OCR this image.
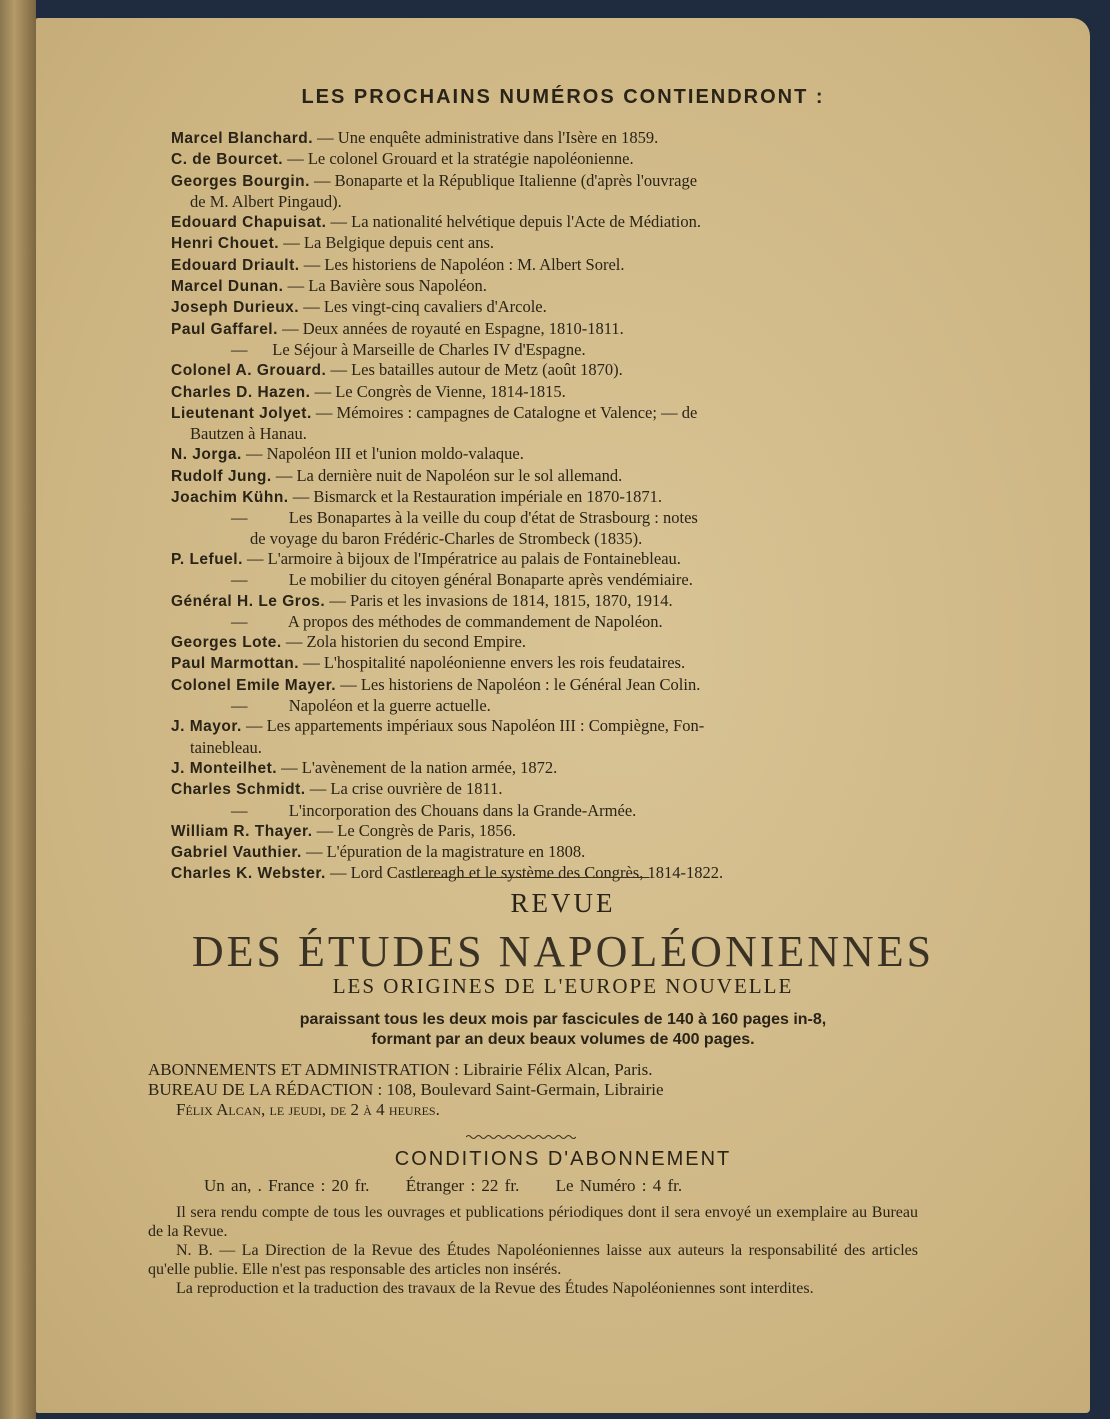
LES PROCHAINS NUMÉROS CONTIENDRONT :
Marcel Blanchard. — Une enquête administrative dans l'Isère en 1859.
C. de Bourcet. — Le colonel Grouard et la stratégie napoléonienne.
Georges Bourgin. — Bonaparte et la République Italienne (d'après l'ouvrage
de M. Albert Pingaud).
Edouard Chapuisat. — La nationalité helvétique depuis l'Acte de Médiation.
Henri Chouet. — La Belgique depuis cent ans.
Edouard Driault. — Les historiens de Napoléon : M. Albert Sorel.
Marcel Dunan. — La Bavière sous Napoléon.
Joseph Durieux. — Les vingt-cinq cavaliers d'Arcole.
Paul Gaffarel. — Deux années de royauté en Espagne, 1810-1811.
—      Le Séjour à Marseille de Charles IV d'Espagne.
Colonel A. Grouard. — Les batailles autour de Metz (août 1870).
Charles D. Hazen. — Le Congrès de Vienne, 1814-1815.
Lieutenant Jolyet. — Mémoires : campagnes de Catalogne et Valence; — de
Bautzen à Hanau.
N. Jorga. — Napoléon III et l'union moldo-valaque.
Rudolf Jung. — La dernière nuit de Napoléon sur le sol allemand.
Joachim Kühn. — Bismarck et la Restauration impériale en 1870-1871.
—          Les Bonapartes à la veille du coup d'état de Strasbourg : notes
de voyage du baron Frédéric-Charles de Strombeck (1835).
P. Lefuel. — L'armoire à bijoux de l'Impératrice au palais de Fontainebleau.
—          Le mobilier du citoyen général Bonaparte après vendémiaire.
Général H. Le Gros. — Paris et les invasions de 1814, 1815, 1870, 1914.
—          A propos des méthodes de commandement de Napoléon.
Georges Lote. — Zola historien du second Empire.
Paul Marmottan. — L'hospitalité napoléonienne envers les rois feudataires.
Colonel Emile Mayer. — Les historiens de Napoléon : le Général Jean Colin.
—          Napoléon et la guerre actuelle.
J. Mayor. — Les appartements impériaux sous Napoléon III : Compiègne, Fon-
tainebleau.
J. Monteilhet. — L'avènement de la nation armée, 1872.
Charles Schmidt. — La crise ouvrière de 1811.
—          L'incorporation des Chouans dans la Grande-Armée.
William R. Thayer. — Le Congrès de Paris, 1856.
Gabriel Vauthier. — L'épuration de la magistrature en 1808.
Charles K. Webster. — Lord Castlereagh et le système des Congrès, 1814-1822.
REVUE
DES ÉTUDES NAPOLÉONIENNES
LES ORIGINES DE L'EUROPE NOUVELLE
paraissant tous les deux mois par fascicules de 140 à 160 pages in-8,
formant par an deux beaux volumes de 400 pages.
ABONNEMENTS ET ADMINISTRATION : Librairie Félix Alcan, Paris.
BUREAU DE LA RÉDACTION : 108, Boulevard Saint-Germain, Librairie
Félix Alcan, le jeudi, de 2 à 4 heures.
CONDITIONS D'ABONNEMENT
Un an, . France : 20 fr. Étranger : 22 fr. Le Numéro : 4 fr.

Il sera rendu compte de tous les ouvrages et publications périodiques dont il sera envoyé un exemplaire au Bureau de la Revue.

N. B. — La Direction de la Revue des Études Napoléoniennes laisse aux auteurs la responsabilité des articles qu'elle publie. Elle n'est pas responsable des articles non insérés.

La reproduction et la traduction des travaux de la Revue des Études Napoléoniennes sont interdites.
